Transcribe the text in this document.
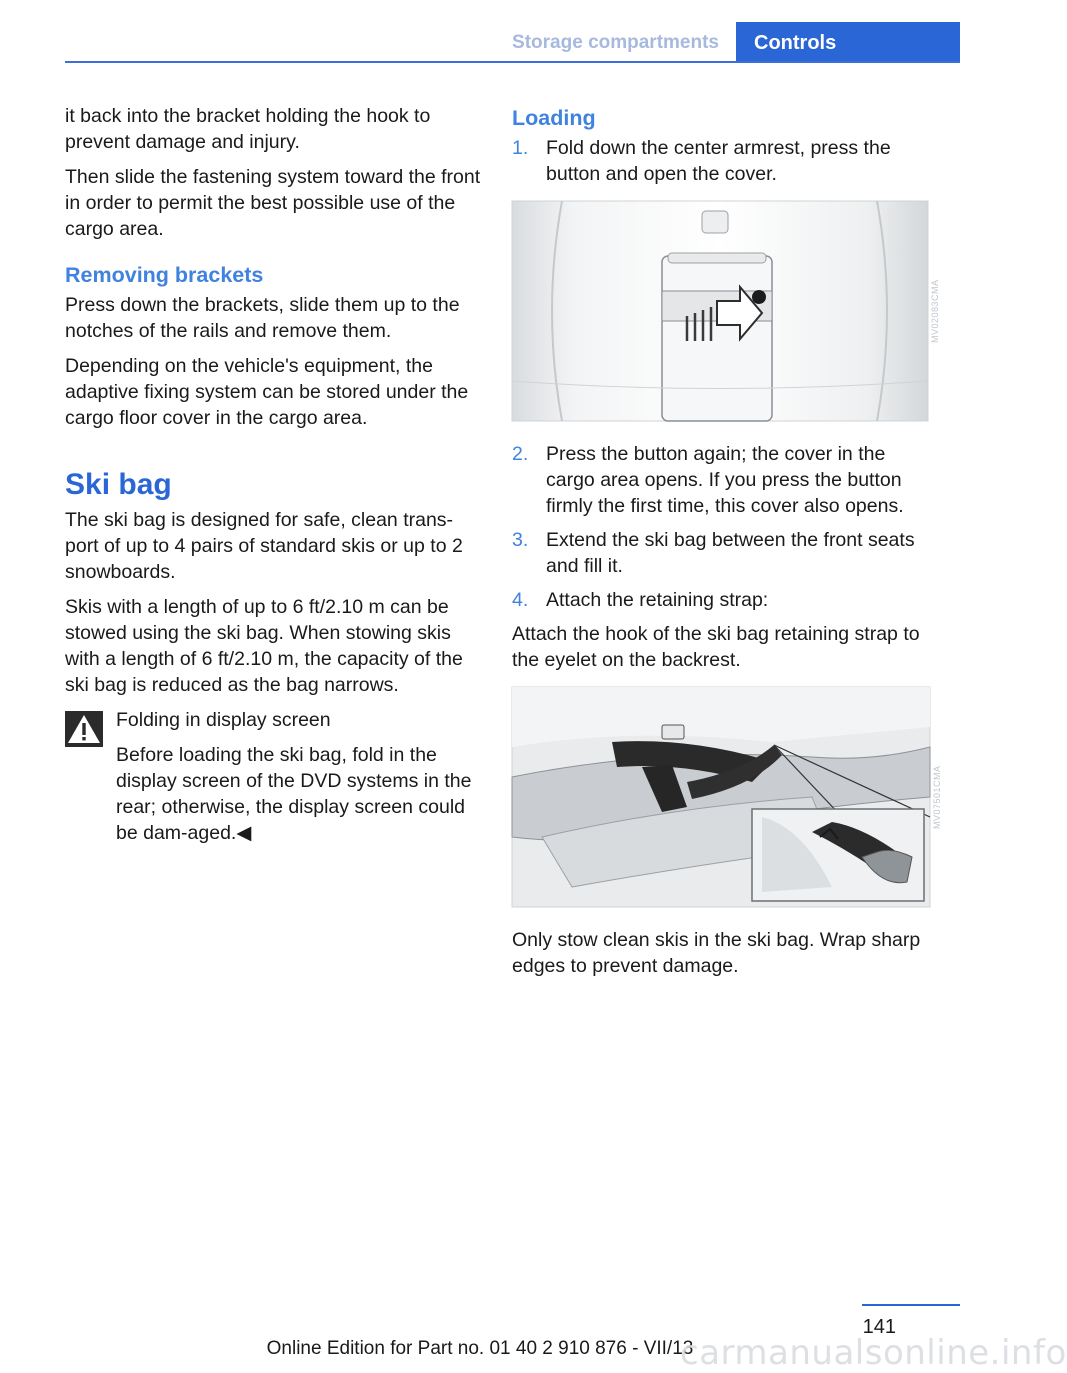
Storage compartments	Controls

it back into the bracket holding the hook to prevent damage and injury.

Then slide the fastening system toward the front in order to permit the best possible use of the cargo area.

Removing brackets

Press down the brackets, slide them up to the notches of the rails and remove them.

Depending on the vehicle's equipment, the adaptive fixing system can be stored under the cargo floor cover in the cargo area.

Ski bag

The ski bag is designed for safe, clean trans‐port of up to 4 pairs of standard skis or up to 2 snowboards.

Skis with a length of up to 6 ft/2.10 m can be stowed using the ski bag. When stowing skis with a length of 6 ft/2.10 m, the capacity of the ski bag is reduced as the bag narrows.

Folding in display screen

Before loading the ski bag, fold in the display screen of the DVD systems in the rear; otherwise, the display screen could be dam‐aged.◀

Loading
1. Fold down the center armrest, press the button and open the cover.
MV02083CMA
2. Press the button again; the cover in the cargo area opens. If you press the button firmly the first time, this cover also opens.
3. Extend the ski bag between the front seats and fill it.
4. Attach the retaining strap:

Attach the hook of the ski bag retaining strap to the eyelet on the backrest.

MV07501CMA

Only stow clean skis in the ski bag. Wrap sharp edges to prevent damage.

141
Online Edition for Part no. 01 40 2 910 876 - VII/13
carmanualsonline.info
